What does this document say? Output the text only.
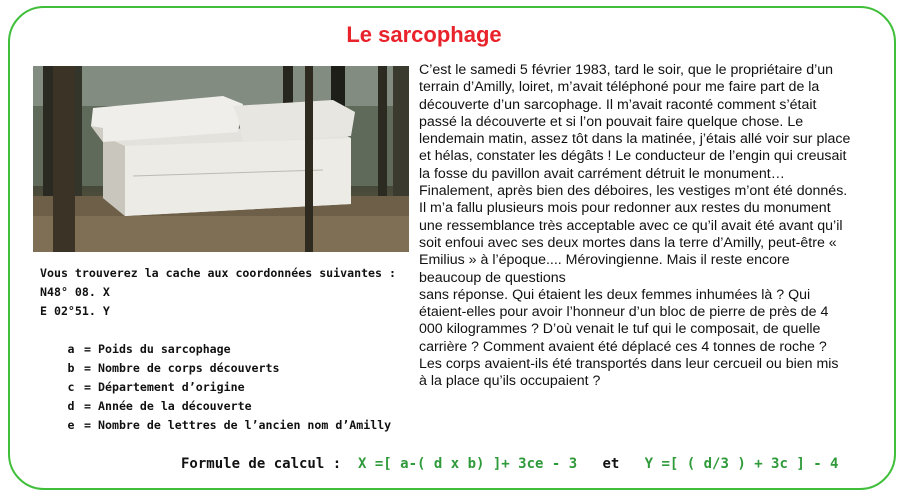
Le sarcophage

C’est le samedi 5 février 1983, tard le soir, que le propriétaire d’un

terrain d’Amilly, loiret, m’avait téléphoné pour me faire part de la

découverte d’un sarcophage. Il m’avait raconté comment s’était

passé la découverte et si l’on pouvait faire quelque chose. Le

lendemain matin, assez tôt dans la matinée, j’étais allé voir sur place

et hélas, constater les dégâts ! Le conducteur de l’engin qui creusait

la fosse du pavillon avait carrément détruit le monument…

Finalement, après bien des déboires, les vestiges m’ont été donnés.

Il m’a fallu plusieurs mois pour redonner aux restes du monument

une ressemblance très acceptable avec ce qu’il avait été avant qu’il

soit enfoui avec ses deux mortes dans la terre d’Amilly, peut-être «

Emilius » à l’époque.... Mérovingienne. Mais il reste encore

beaucoup de questions

sans réponse. Qui étaient les deux femmes inhumées là ? Qui

étaient-elles pour avoir l’honneur d’un bloc de pierre de près de 4

000 kilogrammes ? D’où venait le tuf qui le composait, de quelle

carrière ? Comment avaient été déplacé ces 4 tonnes de roche ?

Les corps avaient-ils été transportés dans leur cercueil ou bien mis

à la place qu’ils occupaient ?

Vous trouverez la cache aux coordonnées suivantes :
N48° 08. X
E 02°51. Y
a = Poids du sarcophage
b = Nombre de corps découverts
c = Département d’origine
d = Année de la découverte
e = Nombre de lettres de l’ancien nom d’Amilly
Formule de calcul : X =[ a-( d x b) ]+ 3ce - 3 et Y =[ ( d/3 ) + 3c ] - 4
